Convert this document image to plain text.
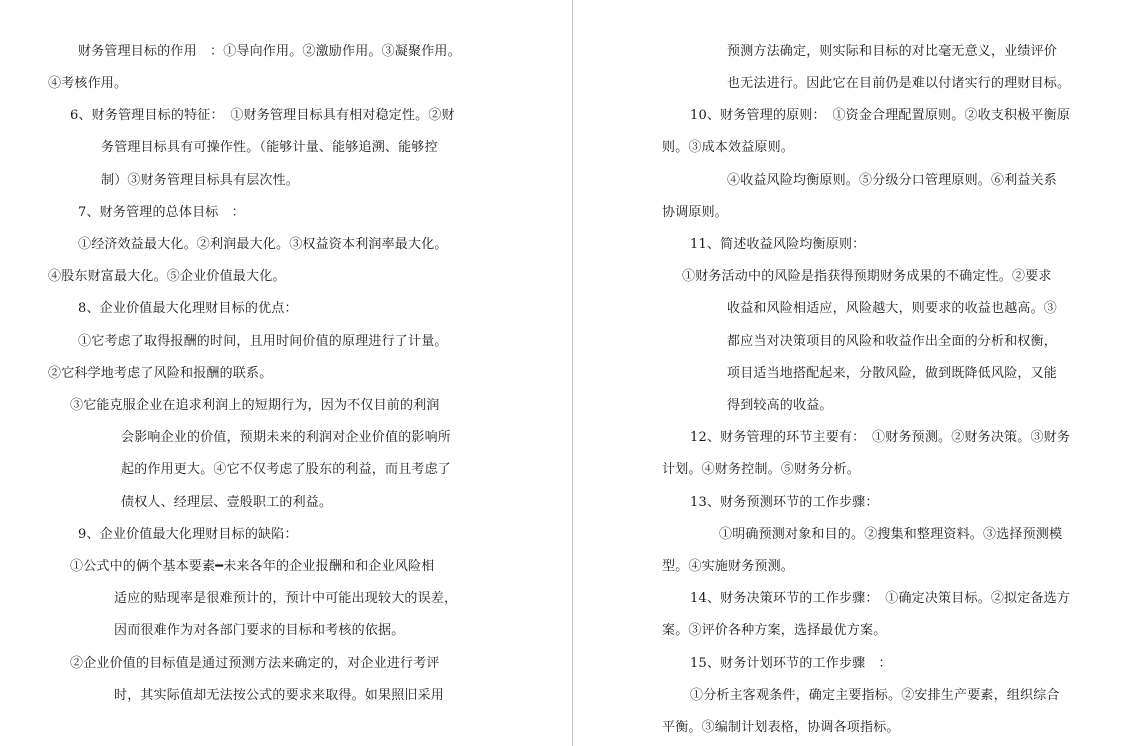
财务管理目标的作用　：①导向作用。②激励作用。③凝聚作用。
④考核作用。
6、财务管理目标的特征：　①财务管理目标具有相对稳定性。②财
务管理目标具有可操作性。（能够计量、能够追溯、能够控
制）③财务管理目标具有层次性。
7、财务管理的总体目标　：
①经济效益最大化。②利润最大化。③权益资本利润率最大化。
④股东财富最大化。⑤企业价值最大化。
8、企业价值最大化理财目标的优点：
①它考虑了取得报酬的时间，且用时间价值的原理进行了计量。
②它科学地考虑了风险和报酬的联系。
③它能克服企业在追求利润上的短期行为，因为不仅目前的利润
会影响企业的价值，预期未来的利润对企业价值的影响所
起的作用更大。④它不仅考虑了股东的利益，而且考虑了
债权人、经理层、壹般职工的利益。
9、企业价值最大化理财目标的缺陷：
①公式中的俩个基本要素━未来各年的企业报酬和和企业风险相
适应的贴现率是很难预计的，预计中可能出现较大的误差，
因而很难作为对各部门要求的目标和考核的依据。
②企业价值的目标值是通过预测方法来确定的，对企业进行考评
时，其实际值却无法按公式的要求来取得。如果照旧采用
预测方法确定，则实际和目标的对比毫无意义，业绩评价
也无法进行。因此它在目前仍是难以付诸实行的理财目标。
10、财务管理的原则：　①资金合理配置原则。②收支积极平衡原
则。③成本效益原则。
④收益风险均衡原则。⑤分级分口管理原则。⑥利益关系
协调原则。
11、简述收益风险均衡原则：
①财务活动中的风险是指获得预期财务成果的不确定性。②要求
收益和风险相适应，风险越大，则要求的收益也越高。③
都应当对决策项目的风险和收益作出全面的分析和权衡，
项目适当地搭配起来，分散风险，做到既降低风险，又能
得到较高的收益。
12、财务管理的环节主要有：　①财务预测。②财务决策。③财务
计划。④财务控制。⑤财务分析。
13、财务预测环节的工作步骤：
①明确预测对象和目的。②搜集和整理资料。③选择预测模
型。④实施财务预测。
14、财务决策环节的工作步骤：　①确定决策目标。②拟定备选方
案。③评价各种方案，选择最优方案。
15、财务计划环节的工作步骤　：
①分析主客观条件，确定主要指标。②安排生产要素，组织综合
平衡。③编制计划表格，协调各项指标。
